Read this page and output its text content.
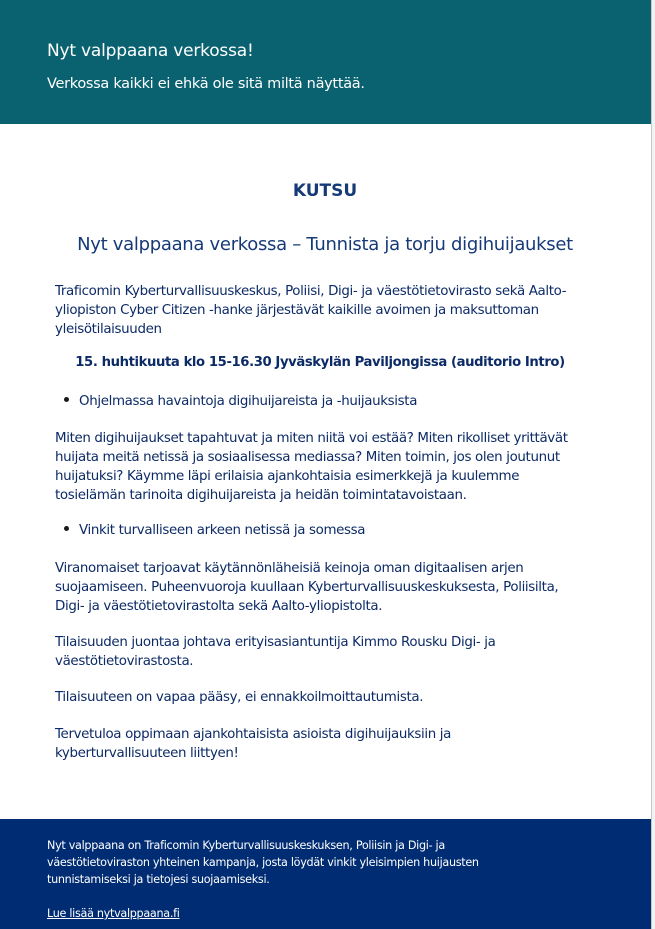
Nyt valppaana verkossa!
Verkossa kaikki ei ehkä ole sitä miltä näyttää.
KUTSU
Nyt valppaana verkossa – Tunnista ja torju digihuijaukset
Traficomin Kyberturvallisuuskeskus, Poliisi, Digi- ja väestötietovirasto sekä Aalto-
yliopiston Cyber Citizen -hanke järjestävät kaikille avoimen ja maksuttoman
yleisötilaisuuden
15. huhtikuuta klo 15-16.30 Jyväskylän Paviljongissa (auditorio Intro)
Ohjelmassa havaintoja digihuijareista ja -huijauksista
Miten digihuijaukset tapahtuvat ja miten niitä voi estää? Miten rikolliset yrittävät
huijata meitä netissä ja sosiaalisessa mediassa? Miten toimin, jos olen joutunut
huijatuksi? Käymme läpi erilaisia ajankohtaisia esimerkkejä ja kuulemme
tosielämän tarinoita digihuijareista ja heidän toimintatavoistaan.
Vinkit turvalliseen arkeen netissä ja somessa
Viranomaiset tarjoavat käytännönläheisiä keinoja oman digitaalisen arjen
suojaamiseen. Puheenvuoroja kuullaan Kyberturvallisuuskeskuksesta, Poliisilta,
Digi- ja väestötietovirastolta sekä Aalto-yliopistolta.
Tilaisuuden juontaa johtava erityisasiantuntija Kimmo Rousku Digi- ja
väestötietovirastosta.
Tilaisuuteen on vapaa pääsy, ei ennakkoilmoittautumista.
Tervetuloa oppimaan ajankohtaisista asioista digihuijauksiin ja
kyberturvallisuuteen liittyen!
Nyt valppaana on Traficomin Kyberturvallisuuskeskuksen, Poliisin ja Digi- ja
väestötietoviraston yhteinen kampanja, josta löydät vinkit yleisimpien huijausten
tunnistamiseksi ja tietojesi suojaamiseksi.
Lue lisää nytvalppaana.fi
